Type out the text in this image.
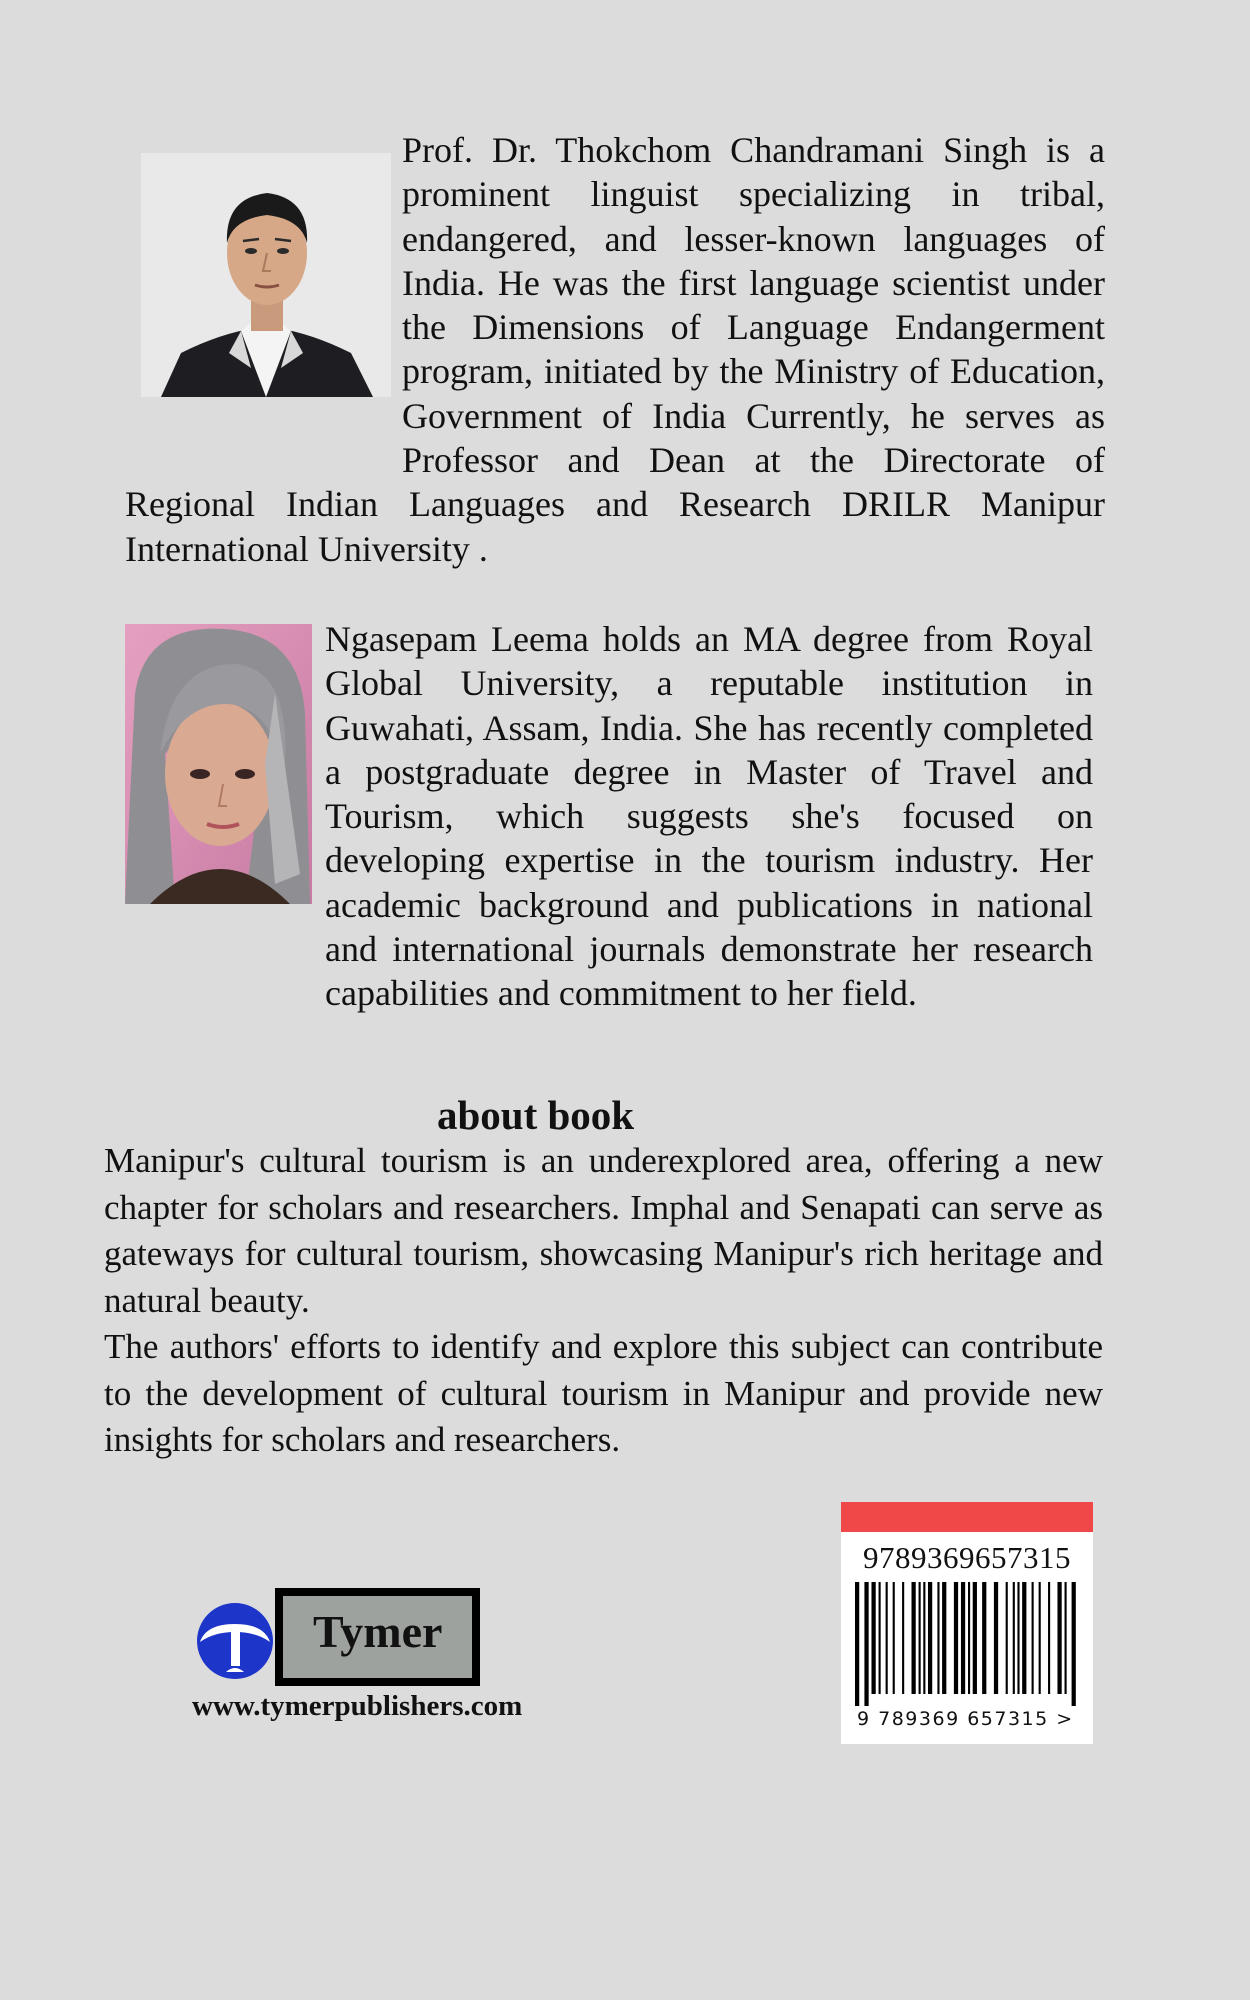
Prof. Dr. Thokchom Chandramani Singh is a prominent linguist specializing in tribal, endangered, and lesser-known languages of India. He was the first language scientist under the Dimensions of Language Endangerment program, initiated by the Ministry of Education, Government of India Currently, he serves as Professor and Dean at the Directorate of Regional Indian Languages and Research DRILR Manipur International University .

Ngasepam Leema holds an MA degree from Royal Global University, a reputable institution in Guwahati, Assam, India. She has recently completed a postgraduate degree in Master of Travel and Tourism, which suggests she's focused on developing expertise in the tourism industry. Her academic background and publications in national and international journals demonstrate her research capabilities and commitment to her field.

about book

Manipur's cultural tourism is an underexplored area, offering a new chapter for scholars and researchers. Imphal and Senapati can serve as gateways for cultural tourism, showcasing Manipur's rich heritage and natural beauty.

The authors' efforts to identify and explore this subject can contribute to the development of cultural tourism in Manipur and provide new insights for scholars and researchers.

9789369657315
9 789369 657315 >
Tymer
www.tymerpublishers.com
